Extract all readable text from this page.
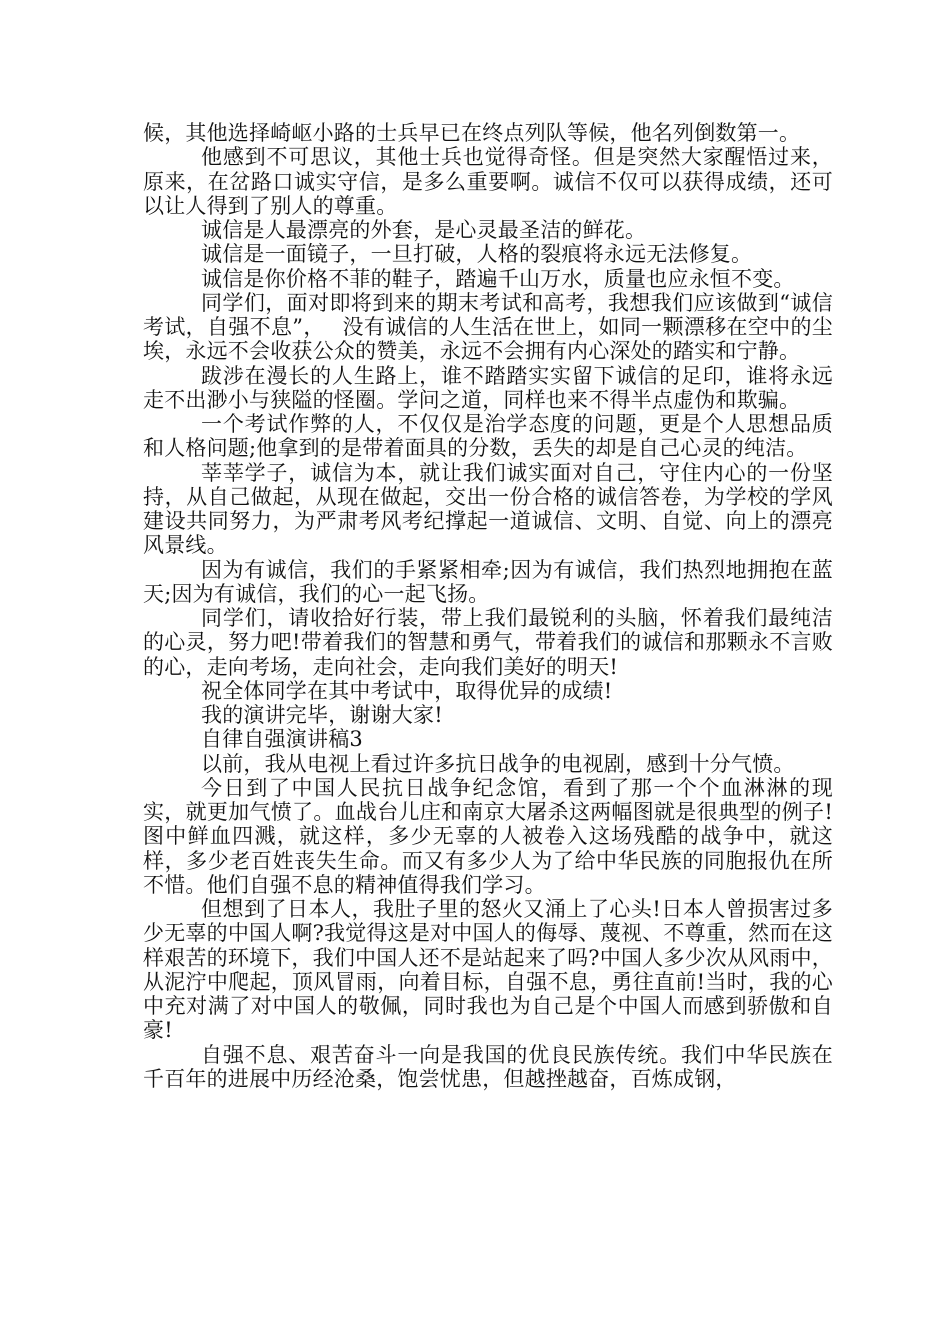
候，其他选择崎岖小路的士兵早已在终点列队等候，他名列倒数第一。

他感到不可思议，其他士兵也觉得奇怪。但是突然大家醒悟过来，原来，在岔路口诚实守信，是多么重要啊。诚信不仅可以获得成绩，还可以让人得到了别人的尊重。

诚信是人最漂亮的外套，是心灵最圣洁的鲜花。

诚信是一面镜子，一旦打破，人格的裂痕将永远无法修复。

诚信是你价格不菲的鞋子，踏遍千山万水，质量也应永恒不变。

同学们，面对即将到来的期末考试和高考，我想我们应该做到“诚信考试，自强不息”，　 没有诚信的人生活在世上，如同一颗漂移在空中的尘埃，永远不会收获公众的赞美，永远不会拥有内心深处的踏实和宁静。

跋涉在漫长的人生路上，谁不踏踏实实留下诚信的足印，谁将永远走不出渺小与狭隘的怪圈。学问之道，同样也来不得半点虚伪和欺骗。

一个考试作弊的人，不仅仅是治学态度的问题，更是个人思想品质和人格问题;他拿到的是带着面具的分数，丢失的却是自己心灵的纯洁。

莘莘学子，诚信为本，就让我们诚实面对自己，守住内心的一份坚持，从自己做起，从现在做起，交出一份合格的诚信答卷，为学校的学风建设共同努力，为严肃考风考纪撑起一道诚信、文明、自觉、向上的漂亮风景线。

因为有诚信，我们的手紧紧相牵;因为有诚信，我们热烈地拥抱在蓝天;因为有诚信，我们的心一起飞扬。

同学们，请收拾好行装，带上我们最锐利的头脑，怀着我们最纯洁的心灵，努力吧!带着我们的智慧和勇气，带着我们的诚信和那颗永不言败的心，走向考场，走向社会，走向我们美好的明天!

祝全体同学在其中考试中，取得优异的成绩!

我的演讲完毕，谢谢大家!

自律自强演讲稿3

以前，我从电视上看过许多抗日战争的电视剧，感到十分气愤。

今日到了中国人民抗日战争纪念馆，看到了那一个个血淋淋的现实，就更加气愤了。血战台儿庄和南京大屠杀这两幅图就是很典型的例子!图中鲜血四溅，就这样，多少无辜的人被卷入这场残酷的战争中，就这样，多少老百姓丧失生命。而又有多少人为了给中华民族的同胞报仇在所不惜。他们自强不息的精神值得我们学习。

但想到了日本人，我肚子里的怒火又涌上了心头!日本人曾损害过多少无辜的中国人啊?我觉得这是对中国人的侮辱、蔑视、不尊重，然而在这样艰苦的环境下，我们中国人还不是站起来了吗?中国人多少次从风雨中，从泥泞中爬起，顶风冒雨，向着目标，自强不息，勇往直前!当时，我的心中充对满了对中国人的敬佩，同时我也为自己是个中国人而感到骄傲和自豪!

自强不息、艰苦奋斗一向是我国的优良民族传统。我们中华民族在千百年的进展中历经沧桑，饱尝忧患，但越挫越奋，百炼成钢，
